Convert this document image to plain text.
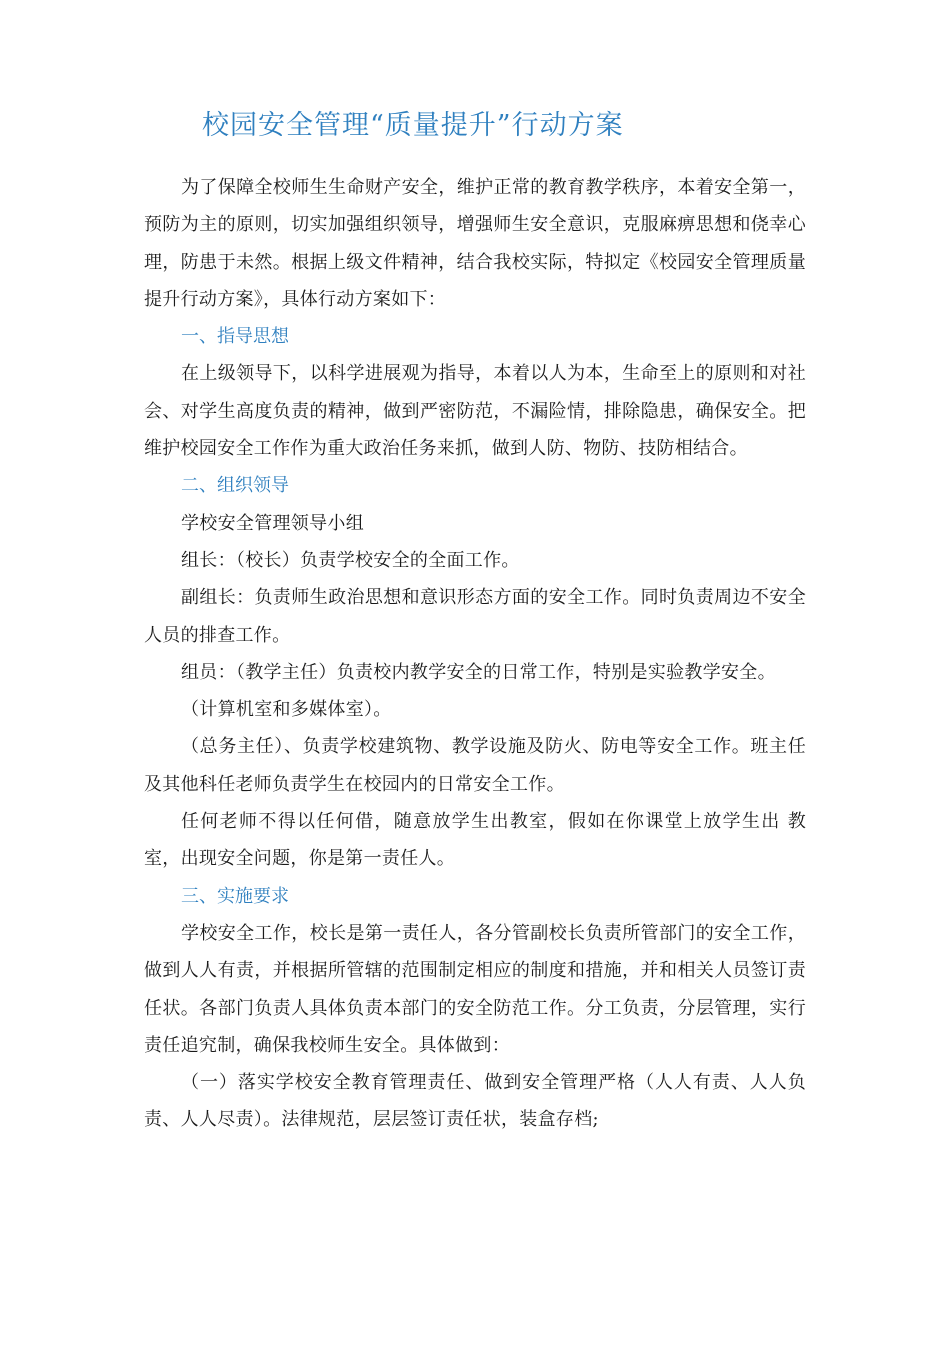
校园安全管理“质量提升”行动方案

为了保障全校师生生命财产安全，维护正常的教育教学秩序，本着安全第一，预防为主的原则，切实加强组织领导，增强师生安全意识，克服麻痹思想和侥幸心理，防患于未然。根据上级文件精神，结合我校实际，特拟定《校园安全管理质量提升行动方案》，具体行动方案如下：

一、指导思想

在上级领导下，以科学进展观为指导，本着以人为本，生命至上的原则和对社会、对学生高度负责的精神，做到严密防范，不漏险情，排除隐患，确保安全。把维护校园安全工作作为重大政治任务来抓，做到人防、物防、技防相结合。

二、组织领导

学校安全管理领导小组

组长：（校长）负责学校安全的全面工作。

副组长：负责师生政治思想和意识形态方面的安全工作。同时负责周边不安全人员的排查工作。

组员：（教学主任）负责校内教学安全的日常工作，特别是实验教学安全。

（计算机室和多媒体室）。

（总务主任）、负责学校建筑物、教学设施及防火、防电等安全工作。班主任及其他科任老师负责学生在校园内的日常安全工作。

任何老师不得以任何借，随意放学生出教室，假如在你课堂上放学生出 教室，出现安全问题，你是第一责任人。

三、实施要求

学校安全工作，校长是第一责任人，各分管副校长负责所管部门的安全工作，做到人人有责，并根据所管辖的范围制定相应的制度和措施，并和相关人员签订责任状。各部门负责人具体负责本部门的安全防范工作。分工负责，分层管理，实行责任追究制，确保我校师生安全。具体做到：

（一）落实学校安全教育管理责任、做到安全管理严格（人人有责、人人负责、人人尽责）。法律规范，层层签订责任状，装盒存档;
